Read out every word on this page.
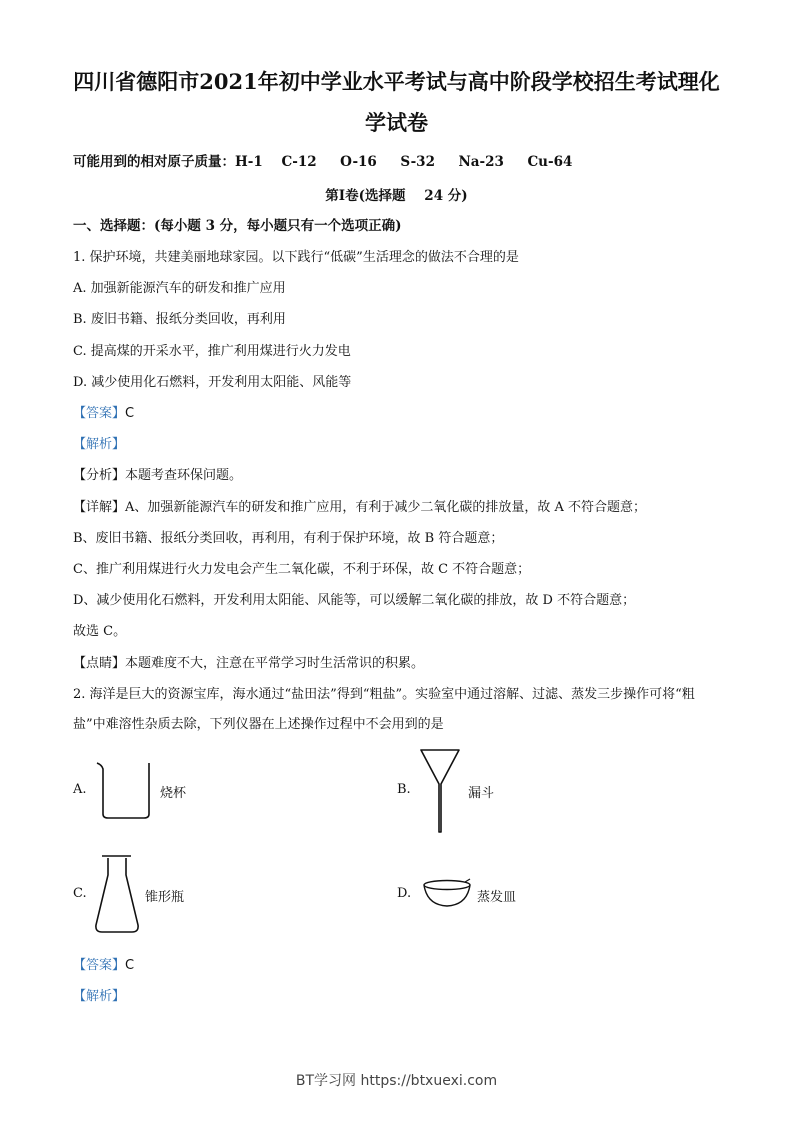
四川省德阳市2021年初中学业水平考试与高中阶段学校招生考试理化
学试卷
可能用到的相对原子质量：H-1    C-12     O-16     S-32     Na-23     Cu-64
第Ⅰ卷(选择题    24 分)
一、选择题：(每小题 3 分，每小题只有一个选项正确)
1. 保护环境，共建美丽地球家园。以下践行“低碳”生活理念的做法不合理的是
A. 加强新能源汽车的研发和推广应用
B. 废旧书籍、报纸分类回收，再利用
C. 提高煤的开采水平，推广利用煤进行火力发电
D. 减少使用化石燃料，开发利用太阳能、风能等
【答案】C
【解析】
【分析】本题考查环保问题。
【详解】A、加强新能源汽车的研发和推广应用，有利于减少二氧化碳的排放量，故 A 不符合题意；
B、废旧书籍、报纸分类回收，再利用，有利于保护环境，故 B 符合题意；
C、推广利用煤进行火力发电会产生二氧化碳，不利于环保，故 C 不符合题意；
D、减少使用化石燃料，开发利用太阳能、风能等，可以缓解二氧化碳的排放，故 D 不符合题意；
故选 C。
【点睛】本题难度不大，注意在平常学习时生活常识的积累。
2. 海洋是巨大的资源宝库，海水通过“盐田法”得到“粗盐”。实验室中通过溶解、过滤、蒸发三步操作可将“粗
盐”中难溶性杂质去除，下列仪器在上述操作过程中不会用到的是
A.	烧杯	B.	漏斗
C.	锥形瓶	D.	蒸发皿
【答案】C
【解析】
BT学习网 https://btxuexi.com
